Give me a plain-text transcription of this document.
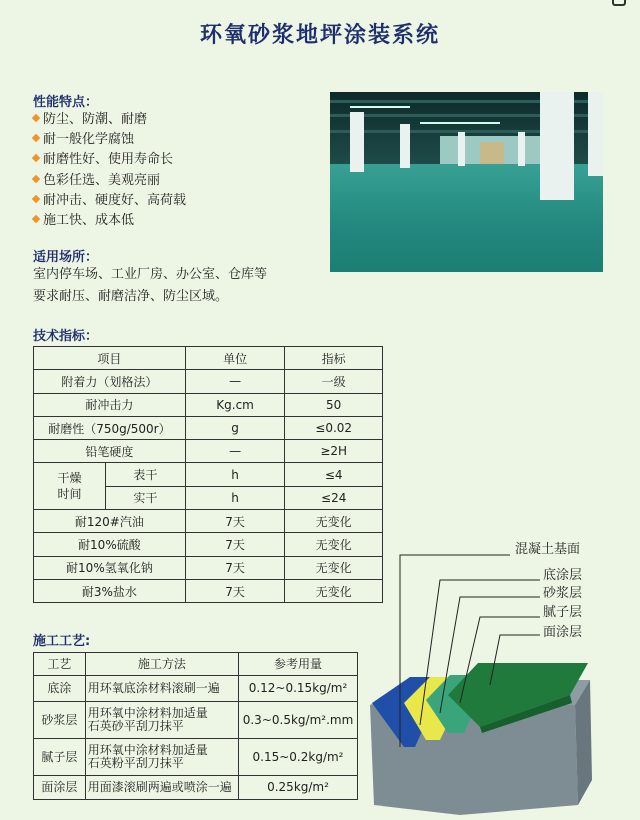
环氧砂浆地坪涂装系统
性能特点：
防尘、防潮、耐磨
耐一般化学腐蚀
耐磨性好、使用寿命长
色彩任选、美观亮丽
耐冲击、硬度好、高荷载
施工快、成本低
适用场所：
室内停车场、工业厂房、办公室、仓库等
要求耐压、耐磨洁净、防尘区域。
技术指标：
项目		单位	指标
附着力（划格法）		—	一级
耐冲击力		Kg.cm	50
耐磨性（750g/500r）		g	≤0.02
铅笔硬度		—	≥2H
干燥
时间	表干	h	≤4
	实干	h	≤24
耐120#汽油		7天	无变化
耐10%硫酸		7天	无变化
耐10%氢氧化钠		7天	无变化
耐3%盐水		7天	无变化
施工工艺:
工艺	施工方法	参考用量
底涂	用环氧底涂材料滚刷一遍	0.12~0.15kg/m²
砂浆层	用环氧中涂材料加适量
石英砂平刮刀抹平	0.3~0.5kg/m².mm
腻子层	用环氧中涂材料加适量
石英粉平刮刀抹平	0.15~0.2kg/m²
面涂层	用面漆滚刷两遍或喷涂一遍	0.25kg/m²
混凝土基面
底涂层
砂浆层
腻子层
面涂层
